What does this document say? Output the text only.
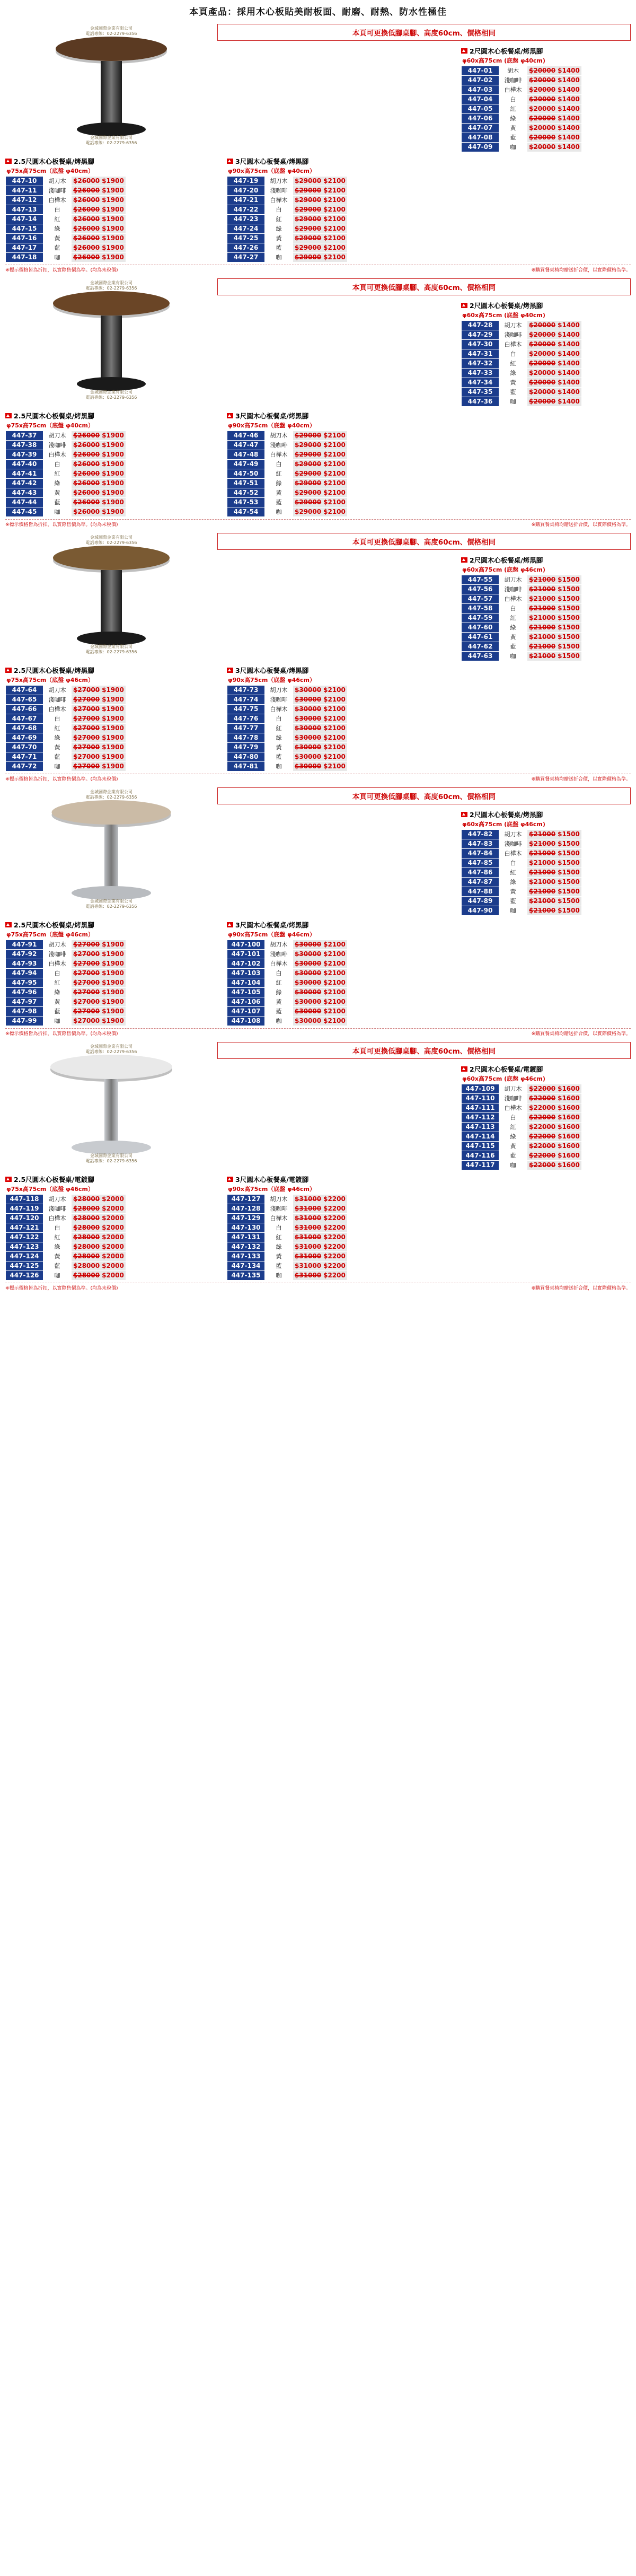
本頁產品：採用木心板貼美耐板面、耐磨、耐熱、防水性極佳
金城國際企業有限公司
電話專線：02-2279-6356
金城國際企業有限公司
電話專線：02-2279-6356
本頁可更換低腳桌腳、高度60cm、價格相同
2尺圓木心板餐桌/烤黑腳
φ60x高75cm (底盤 φ40cm)
447-01	胡木	$20000 $1400
447-02	淺咖啡	$20000 $1400
447-03	白樺木	$20000 $1400
447-04	白	$20000 $1400
447-05	紅	$20000 $1400
447-06	綠	$20000 $1400
447-07	黃	$20000 $1400
447-08	藍	$20000 $1400
447-09	咖	$20000 $1400
2.5尺圓木心板餐桌/烤黑腳
φ75x高75cm（底盤 φ40cm）
447-10	胡刀木	$26000 $1900
447-11	淺咖啡	$26000 $1900
447-12	白樺木	$26000 $1900
447-13	白	$26000 $1900
447-14	紅	$26000 $1900
447-15	綠	$26000 $1900
447-16	黃	$26000 $1900
447-17	藍	$26000 $1900
447-18	咖	$26000 $1900
3尺圓木心板餐桌/烤黑腳
φ90x高75cm（底盤 φ40cm）
447-19	胡刀木	$29000 $2100
447-20	淺咖啡	$29000 $2100
447-21	白樺木	$29000 $2100
447-22	白	$29000 $2100
447-23	紅	$29000 $2100
447-24	綠	$29000 $2100
447-25	黃	$29000 $2100
447-26	藍	$29000 $2100
447-27	咖	$29000 $2100
※標示價格皆為折扣，以實際售價為準。(均為未稅價)	※購買餐桌椅均贈送折合價，以實際價格為準。
金城國際企業有限公司
電話專線：02-2279-6356
金城國際企業有限公司
電話專線：02-2279-6356
本頁可更換低腳桌腳、高度60cm、價格相同
2尺圓木心板餐桌/烤黑腳
φ60x高75cm (底盤 φ40cm)
447-28	胡刀木	$20000 $1400
447-29	淺咖啡	$20000 $1400
447-30	白樺木	$20000 $1400
447-31	白	$20000 $1400
447-32	紅	$20000 $1400
447-33	綠	$20000 $1400
447-34	黃	$20000 $1400
447-35	藍	$20000 $1400
447-36	咖	$20000 $1400
2.5尺圓木心板餐桌/烤黑腳
φ75x高75cm（底盤 φ40cm）
447-37	胡刀木	$26000 $1900
447-38	淺咖啡	$26000 $1900
447-39	白樺木	$26000 $1900
447-40	白	$26000 $1900
447-41	紅	$26000 $1900
447-42	綠	$26000 $1900
447-43	黃	$26000 $1900
447-44	藍	$26000 $1900
447-45	咖	$26000 $1900
3尺圓木心板餐桌/烤黑腳
φ90x高75cm（底盤 φ40cm）
447-46	胡刀木	$29000 $2100
447-47	淺咖啡	$29000 $2100
447-48	白樺木	$29000 $2100
447-49	白	$29000 $2100
447-50	紅	$29000 $2100
447-51	綠	$29000 $2100
447-52	黃	$29000 $2100
447-53	藍	$29000 $2100
447-54	咖	$29000 $2100
※標示價格皆為折扣，以實際售價為準。(均為未稅價)	※購買餐桌椅均贈送折合價，以實際價格為準。
金城國際企業有限公司
電話專線：02-2279-6356
金城國際企業有限公司
電話專線：02-2279-6356
本頁可更換低腳桌腳、高度60cm、價格相同
2尺圓木心板餐桌/烤黑腳
φ60x高75cm (底盤 φ46cm)
447-55	胡刀木	$21000 $1500
447-56	淺咖啡	$21000 $1500
447-57	白樺木	$21000 $1500
447-58	白	$21000 $1500
447-59	紅	$21000 $1500
447-60	綠	$21000 $1500
447-61	黃	$21000 $1500
447-62	藍	$21000 $1500
447-63	咖	$21000 $1500
2.5尺圓木心板餐桌/烤黑腳
φ75x高75cm（底盤 φ46cm）
447-64	胡刀木	$27000 $1900
447-65	淺咖啡	$27000 $1900
447-66	白樺木	$27000 $1900
447-67	白	$27000 $1900
447-68	紅	$27000 $1900
447-69	綠	$27000 $1900
447-70	黃	$27000 $1900
447-71	藍	$27000 $1900
447-72	咖	$27000 $1900
3尺圓木心板餐桌/烤黑腳
φ90x高75cm（底盤 φ46cm）
447-73	胡刀木	$30000 $2100
447-74	淺咖啡	$30000 $2100
447-75	白樺木	$30000 $2100
447-76	白	$30000 $2100
447-77	紅	$30000 $2100
447-78	綠	$30000 $2100
447-79	黃	$30000 $2100
447-80	藍	$30000 $2100
447-81	咖	$30000 $2100
※標示價格皆為折扣，以實際售價為準。(均為未稅價)	※購買餐桌椅均贈送折合價，以實際價格為準。
金城國際企業有限公司
電話專線：02-2279-6356
金城國際企業有限公司
電話專線：02-2279-6356
本頁可更換低腳桌腳、高度60cm、價格相同
2尺圓木心板餐桌/烤黑腳
φ60x高75cm (底盤 φ46cm)
447-82	胡刀木	$21000 $1500
447-83	淺咖啡	$21000 $1500
447-84	白樺木	$21000 $1500
447-85	白	$21000 $1500
447-86	紅	$21000 $1500
447-87	綠	$21000 $1500
447-88	黃	$21000 $1500
447-89	藍	$21000 $1500
447-90	咖	$21000 $1500
2.5尺圓木心板餐桌/烤黑腳
φ75x高75cm（底盤 φ46cm）
447-91	胡刀木	$27000 $1900
447-92	淺咖啡	$27000 $1900
447-93	白樺木	$27000 $1900
447-94	白	$27000 $1900
447-95	紅	$27000 $1900
447-96	綠	$27000 $1900
447-97	黃	$27000 $1900
447-98	藍	$27000 $1900
447-99	咖	$27000 $1900
3尺圓木心板餐桌/烤黑腳
φ90x高75cm（底盤 φ46cm）
447-100	胡刀木	$30000 $2100
447-101	淺咖啡	$30000 $2100
447-102	白樺木	$30000 $2100
447-103	白	$30000 $2100
447-104	紅	$30000 $2100
447-105	綠	$30000 $2100
447-106	黃	$30000 $2100
447-107	藍	$30000 $2100
447-108	咖	$30000 $2100
※標示價格皆為折扣，以實際售價為準。(均為未稅價)	※購買餐桌椅均贈送折合價，以實際價格為準。
金城國際企業有限公司
電話專線：02-2279-6356
金城國際企業有限公司
電話專線：02-2279-6356
本頁可更換低腳桌腳、高度60cm、價格相同
2尺圓木心板餐桌/電鍍腳
φ60x高75cm (底盤 φ46cm)
447-109	胡刀木	$22000 $1600
447-110	淺咖啡	$22000 $1600
447-111	白樺木	$22000 $1600
447-112	白	$22000 $1600
447-113	紅	$22000 $1600
447-114	綠	$22000 $1600
447-115	黃	$22000 $1600
447-116	藍	$22000 $1600
447-117	咖	$22000 $1600
2.5尺圓木心板餐桌/電鍍腳
φ75x高75cm（底盤 φ46cm）
447-118	胡刀木	$28000 $2000
447-119	淺咖啡	$28000 $2000
447-120	白樺木	$28000 $2000
447-121	白	$28000 $2000
447-122	紅	$28000 $2000
447-123	綠	$28000 $2000
447-124	黃	$28000 $2000
447-125	藍	$28000 $2000
447-126	咖	$28000 $2000
3尺圓木心板餐桌/電鍍腳
φ90x高75cm（底盤 φ46cm）
447-127	胡刀木	$31000 $2200
447-128	淺咖啡	$31000 $2200
447-129	白樺木	$31000 $2200
447-130	白	$31000 $2200
447-131	紅	$31000 $2200
447-132	綠	$31000 $2200
447-133	黃	$31000 $2200
447-134	藍	$31000 $2200
447-135	咖	$31000 $2200
※標示價格皆為折扣，以實際售價為準。(均為未稅價)	※購買餐桌椅均贈送折合價，以實際價格為準。
